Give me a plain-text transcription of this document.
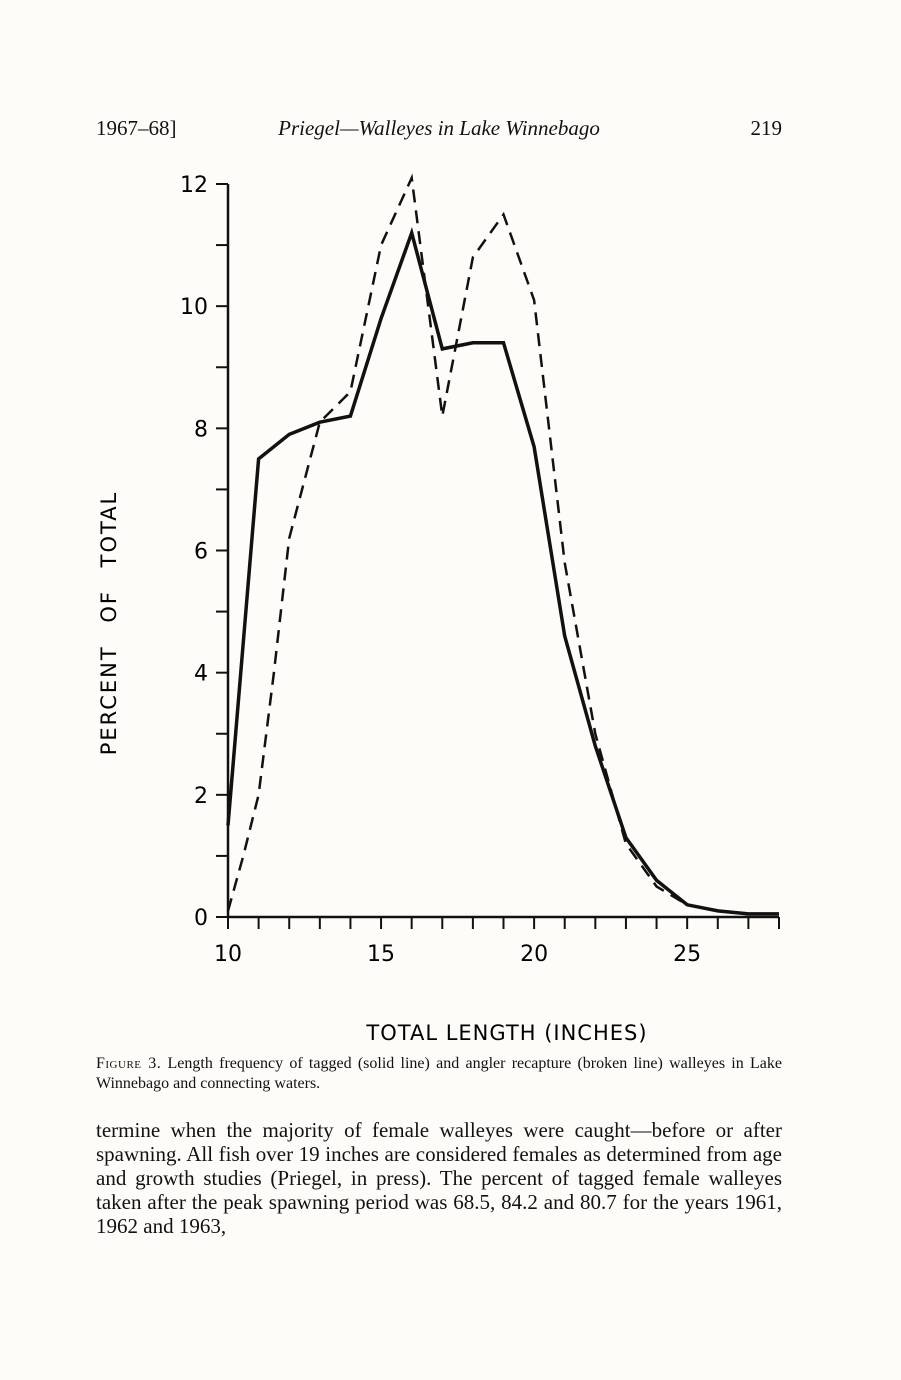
1967–68]	Priegel—Walleyes in Lake Winnebago	219
0
2
4
6
8
10
12
10	15	20	25
TOTAL LENGTH (INCHES)
PERCENT OF TOTAL
Figure 3. Length frequency of tagged (solid line) and angler recapture (broken line) walleyes in Lake Winnebago and connecting waters.

termine when the majority of female walleyes were caught—before or after spawning. All fish over 19 inches are considered females as determined from age and growth studies (Priegel, in press). The percent of tagged female walleyes taken after the peak spawning period was 68.5, 84.2 and 80.7 for the years 1961, 1962 and 1963,
